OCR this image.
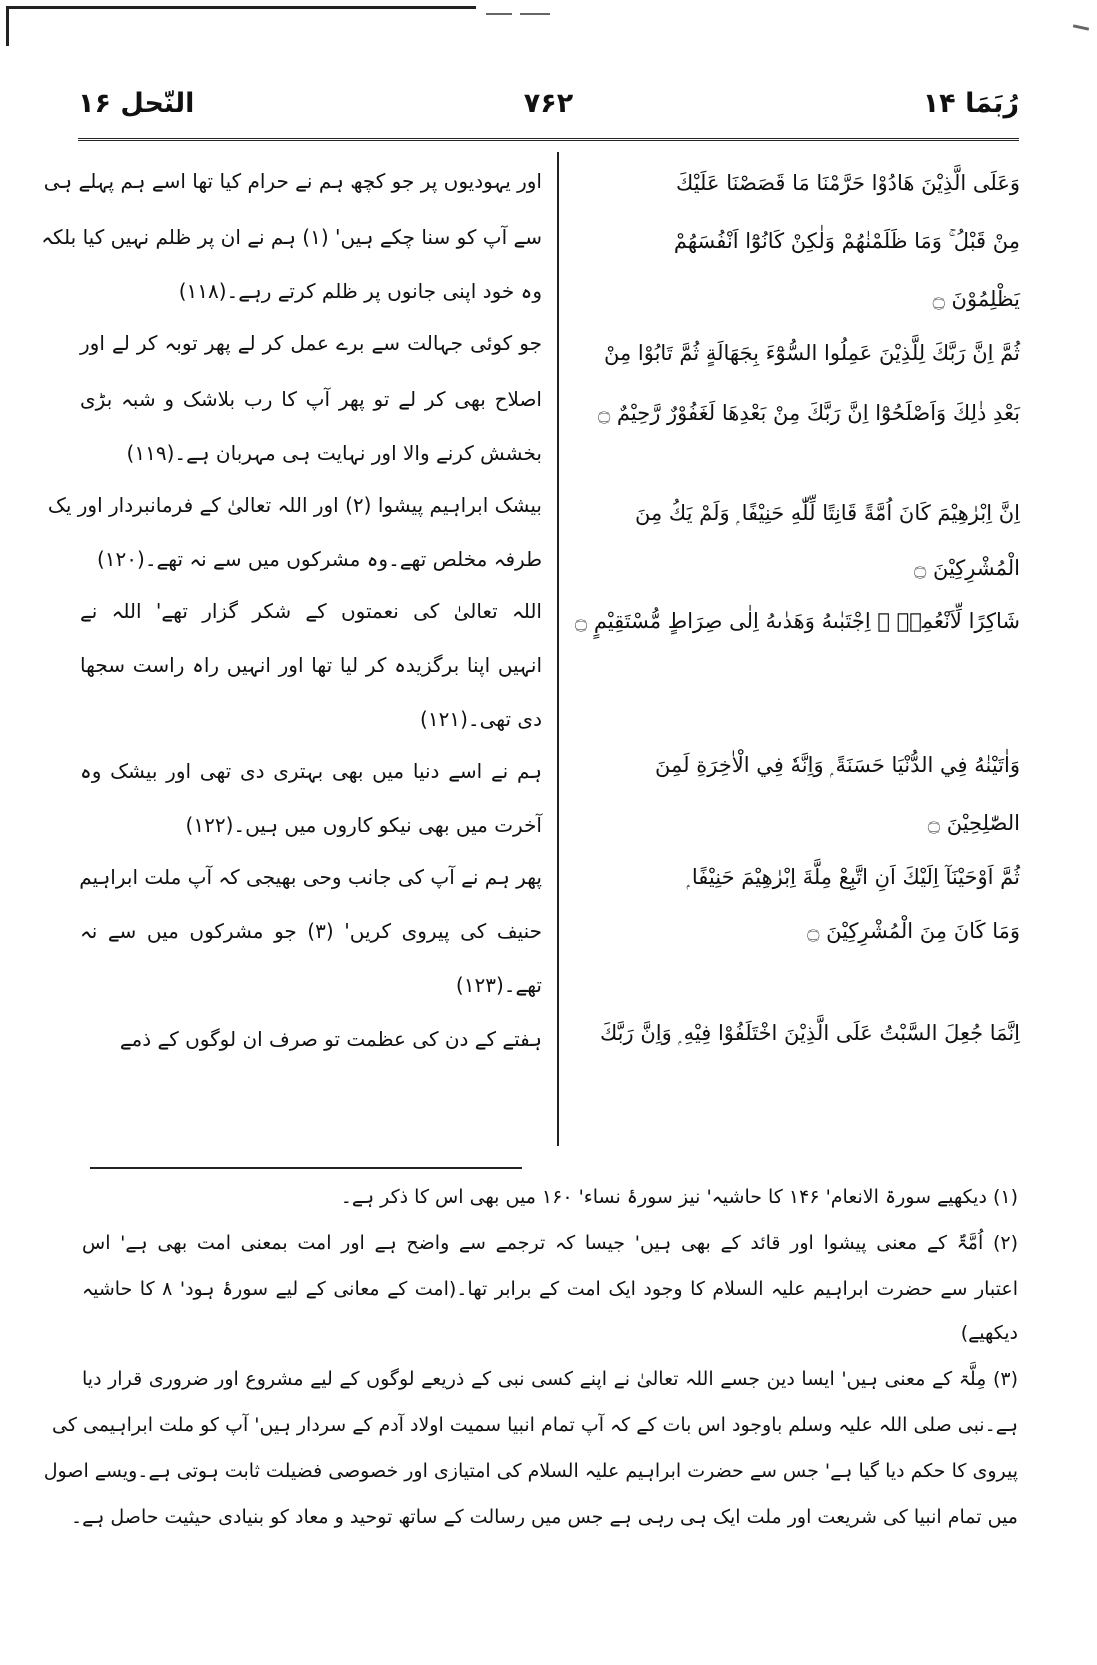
رُبَمَا ۱۴
۷۶۲
النّحل ۱۶
وَعَلَى الَّذِيْنَ هَادُوْا حَرَّمْنَا مَا قَصَصْنَا عَلَيْكَ
مِنْ قَبْلُ ۚ وَمَا ظَلَمْنٰهُمْ وَلٰكِنْ كَانُوْٓا اَنْفُسَهُمْ
يَظْلِمُوْنَ ۝
ثُمَّ اِنَّ رَبَّكَ لِلَّذِيْنَ عَمِلُوا السُّوْٓءَ بِجَهَالَةٍ ثُمَّ تَابُوْا مِنْ
بَعْدِ ذٰلِكَ وَاَصْلَحُوْٓا اِنَّ رَبَّكَ مِنْ بَعْدِهَا لَغَفُوْرٌ رَّحِيْمٌ ۝
اِنَّ اِبْرٰهِيْمَ كَانَ اُمَّةً قَانِتًا لِّلّٰهِ حَنِيْفًا ۭ وَلَمْ يَكُ مِنَ
الْمُشْرِكِيْنَ ۝
شَاكِرًا لِّاَنْعُمِهٖ ۭ اِجْتَبٰىهُ وَهَدٰىهُ اِلٰى صِرَاطٍ مُّسْتَقِيْمٍ ۝
وَاٰتَيْنٰهُ فِي الدُّنْيَا حَسَنَةً ۭ وَاِنَّهٗ فِي الْاٰخِرَةِ لَمِنَ
الصّٰلِحِيْنَ ۝
ثُمَّ اَوْحَيْنَآ اِلَيْكَ اَنِ اتَّبِعْ مِلَّةَ اِبْرٰهِيْمَ حَنِيْفًا ۭ
وَمَا كَانَ مِنَ الْمُشْرِكِيْنَ ۝
اِنَّمَا جُعِلَ السَّبْتُ عَلَى الَّذِيْنَ اخْتَلَفُوْا فِيْهِ ۭ وَاِنَّ رَبَّكَ
اور یہودیوں پر جو کچھ ہم نے حرام کیا تھا اسے ہم پہلے ہی
سے آپ کو سنا چکے ہیں' (۱) ہم نے ان پر ظلم نہیں کیا بلکہ
وہ خود اپنی جانوں پر ظلم کرتے رہے۔(۱۱۸)
جو کوئی جہالت سے برے عمل کر لے پھر توبہ کر لے اور
اصلاح بھی کر لے تو پھر آپ کا رب بلاشک و شبہ بڑی
بخشش کرنے والا اور نہایت ہی مہربان ہے۔(۱۱۹)
بیشک ابراہیم پیشوا (۲) اور اللہ تعالیٰ کے فرمانبردار اور یک
طرفہ مخلص تھے۔وہ مشرکوں میں سے نہ تھے۔(۱۲۰)
اللہ تعالیٰ کی نعمتوں کے شکر گزار تھے' اللہ نے
انہیں اپنا برگزیدہ کر لیا تھا اور انہیں راہ راست سجھا
دی تھی۔(۱۲۱)
ہم نے اسے دنیا میں بھی بہتری دی تھی اور بیشک وہ
آخرت میں بھی نیکو کاروں میں ہیں۔(۱۲۲)
پھر ہم نے آپ کی جانب وحی بھیجی کہ آپ ملت ابراہیم
حنیف کی پیروی کریں' (۳) جو مشرکوں میں سے نہ
تھے۔(۱۲۳)
ہفتے کے دن کی عظمت تو صرف ان لوگوں کے ذمے
(۱) دیکھیے سورۃ الانعام' ۱۴۶ کا حاشیہ' نیز سورۂ نساء' ۱۶۰ میں بھی اس کا ذکر ہے۔
(۲) اُمَّۃٌ کے معنی پیشوا اور قائد کے بھی ہیں' جیسا کہ ترجمے سے واضح ہے اور امت بمعنی امت بھی ہے' اس
اعتبار سے حضرت ابراہیم علیہ السلام کا وجود ایک امت کے برابر تھا۔(امت کے معانی کے لیے سورۂ ہود' ۸ کا حاشیہ
دیکھیے)
(۳) مِلَّۃ کے معنی ہیں' ایسا دین جسے اللہ تعالیٰ نے اپنے کسی نبی کے ذریعے لوگوں کے لیے مشروع اور ضروری قرار دیا
ہے۔نبی صلی اللہ علیہ وسلم باوجود اس بات کے کہ آپ تمام انبیا سمیت اولاد آدم کے سردار ہیں' آپ کو ملت ابراہیمی کی
پیروی کا حکم دیا گیا ہے' جس سے حضرت ابراہیم علیہ السلام کی امتیازی اور خصوصی فضیلت ثابت ہوتی ہے۔ویسے اصول
میں تمام انبیا کی شریعت اور ملت ایک ہی رہی ہے جس میں رسالت کے ساتھ توحید و معاد کو بنیادی حیثیت حاصل ہے۔
